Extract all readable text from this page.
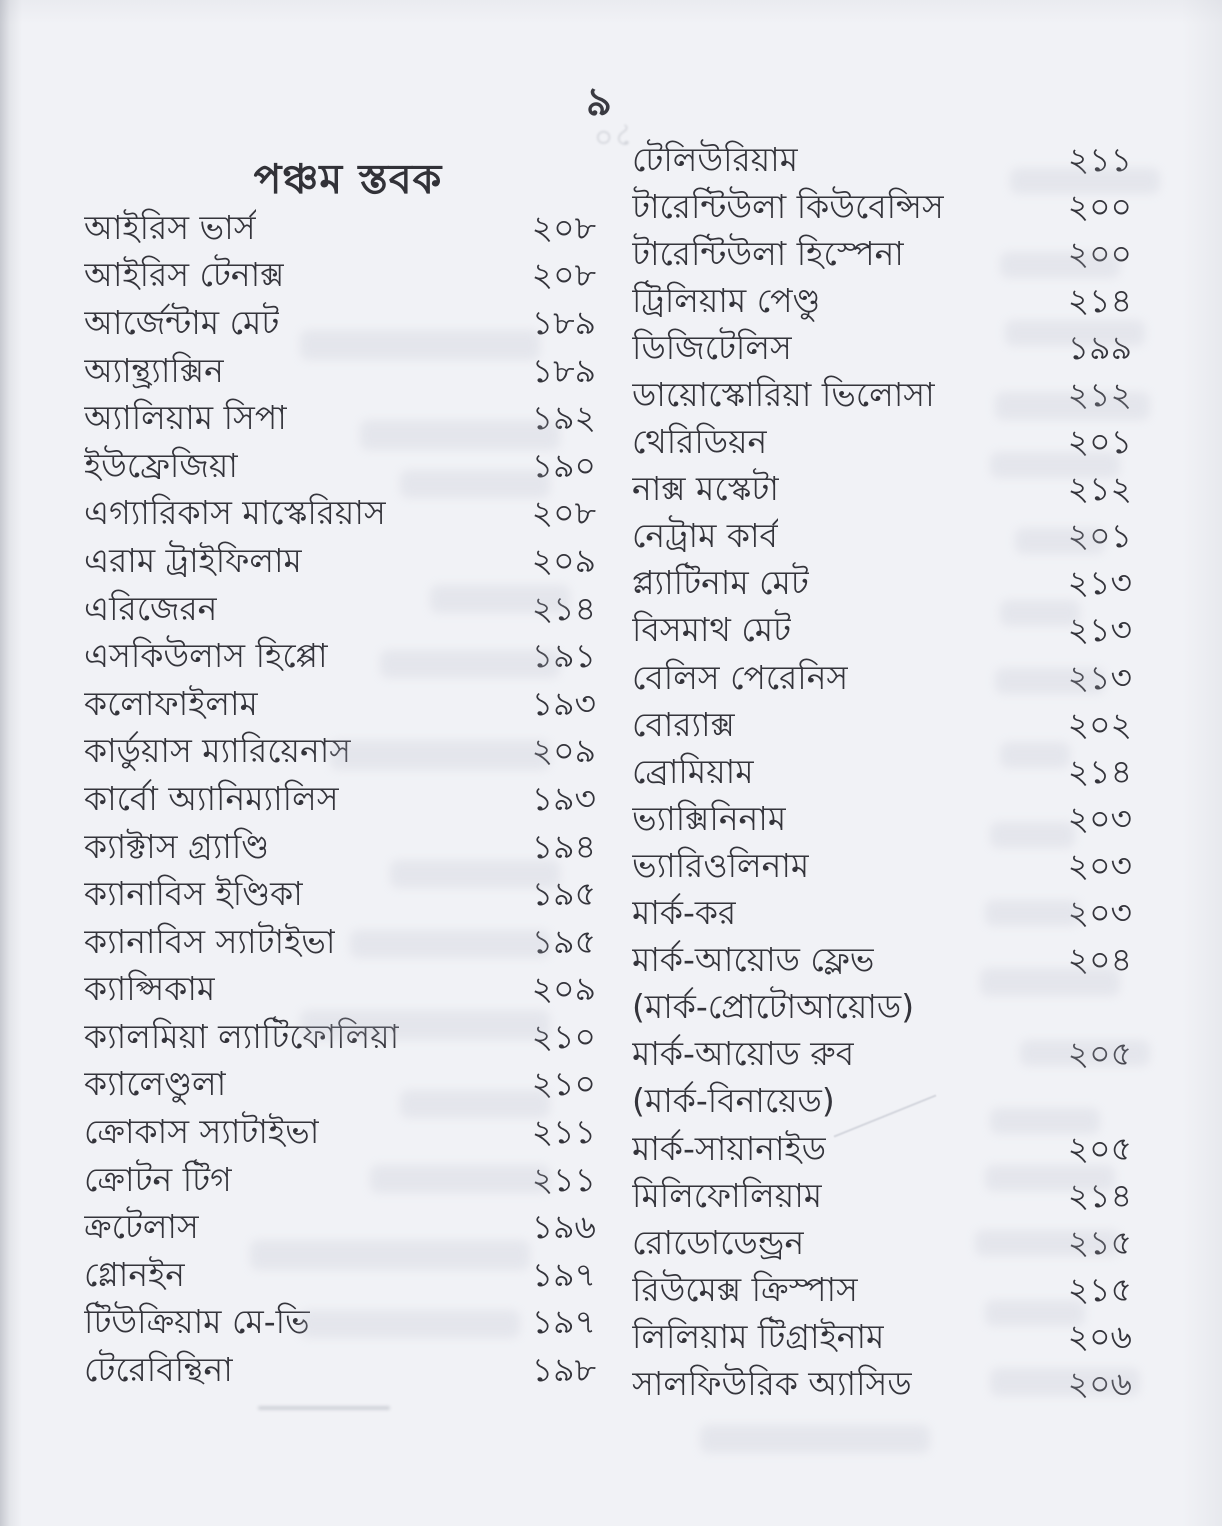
৯
১০
পঞ্চম স্তবক
আইরিস ভার্স	২০৮
আইরিস টেনাক্স	২০৮
আর্জেন্টাম মেট	১৮৯
অ্যান্থ্র্যাক্সিন	১৮৯
অ্যালিয়াম সিপা	১৯২
ইউফ্রেজিয়া	১৯০
এগ্যারিকাস মাস্কেরিয়াস	২০৮
এরাম ট্রাইফিলাম	২০৯
এরিজেরন	২১৪
এসকিউলাস হিপ্পো	১৯১
কলোফাইলাম	১৯৩
কার্ডুয়াস ম্যারিয়েনাস	২০৯
কার্বো অ্যানিম্যালিস	১৯৩
ক্যাক্টাস গ্র্যাণ্ডি	১৯৪
ক্যানাবিস ইণ্ডিকা	১৯৫
ক্যানাবিস স্যাটাইভা	১৯৫
ক্যাপ্সিকাম	২০৯
ক্যালমিয়া ল্যাটিফোলিয়া	২১০
ক্যালেণ্ডুলা	২১০
ক্রোকাস স্যাটাইভা	২১১
ক্রোটন টিগ	২১১
ক্রটেলাস	১৯৬
গ্লোনইন	১৯৭
টিউক্রিয়াম মে-ভি	১৯৭
টেরেবিন্থিনা	১৯৮
টেলিউরিয়াম	২১১
টারেন্টিউলা কিউবেন্সিস	২০০
টারেন্টিউলা হিস্পেনা	২০০
ট্রিলিয়াম পেণ্ডু	২১৪
ডিজিটেলিস	১৯৯
ডায়োস্কোরিয়া ভিলোসা	২১২
থেরিডিয়ন	২০১
নাক্স মস্কেটা	২১২
নেট্রাম কার্ব	২০১
প্ল্যাটিনাম মেট	২১৩
বিসমাথ মেট	২১৩
বেলিস পেরেনিস	২১৩
বোর‍্যাক্স	২০২
ব্রোমিয়াম	২১৪
ভ্যাক্সিনিনাম	২০৩
ভ্যারিওলিনাম	২০৩
মার্ক-কর	২০৩
মার্ক-আয়োড ফ্লেভ	২০৪
(মার্ক-প্রোটোআয়োড)
মার্ক-আয়োড রুব	২০৫
(মার্ক-বিনায়েড)
মার্ক-সায়ানাইড	২০৫
মিলিফোলিয়াম	২১৪
রোডোডেন্ড্রন	২১৫
রিউমেক্স ক্রিস্পাস	২১৫
লিলিয়াম টিগ্রাইনাম	২০৬
সালফিউরিক অ্যাসিড	২০৬
